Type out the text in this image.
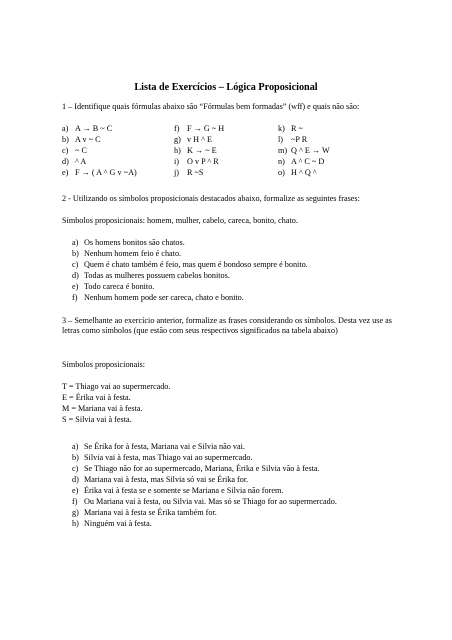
Lista de Exercícios – Lógica Proposicional
1 – Identifique quais fórmulas abaixo são “Fórmulas bem formadas” (wff) e quais não são:
a) A → B ~ C	f) F → G ~ H	k) R ~
b) A v ~ C	g) v H ^ E	l) ~P R
c) ~ C	h) K → ~ E	m) Q ^ E → W
d) ^ A	i) O v P ^ R	n) A ^ C ~ D
e) F → ( A ^ G v ~A)	j) R ~S	o) H ^ Q ^
2 - Utilizando os símbolos proposicionais destacados abaixo, formalize as seguintes frases:
Símbolos proposicionais: homem, mulher, cabelo, careca, bonito, chato.
a) Os homens bonitos são chatos.
b) Nenhum homem feio é chato.
c) Quem é chato também é feio, mas quem é bondoso sempre é bonito.
d) Todas as mulheres possuem cabelos bonitos.
e) Todo careca é bonito.
f) Nenhum homem pode ser careca, chato e bonito.
3 – Semelhante ao exercício anterior, formalize as frases considerando os símbolos. Desta vez use as letras como símbolos (que estão com seus respectivos significados na tabela abaixo)
Símbolos proposicionais:
T = Thiago vai ao supermercado.
E = Érika vai à festa.
M = Mariana vai à festa.
S = Silvia vai à festa.
a) Se Érika for à festa, Mariana vai e Silvia não vai.
b) Silvia vai à festa, mas Thiago vai ao supermercado.
c) Se Thiago não for ao supermercado, Mariana, Érika e Silvia vão à festa.
d) Mariana vai à festa, mas Silvia só vai se Érika for.
e) Érika vai à festa se e somente se Mariana e Silvia não forem.
f) Ou Mariana vai à festa, ou Silvia vai. Mas só se Thiago for ao supermercado.
g) Mariana vai à festa se Érika também for.
h) Ninguém vai à festa.
